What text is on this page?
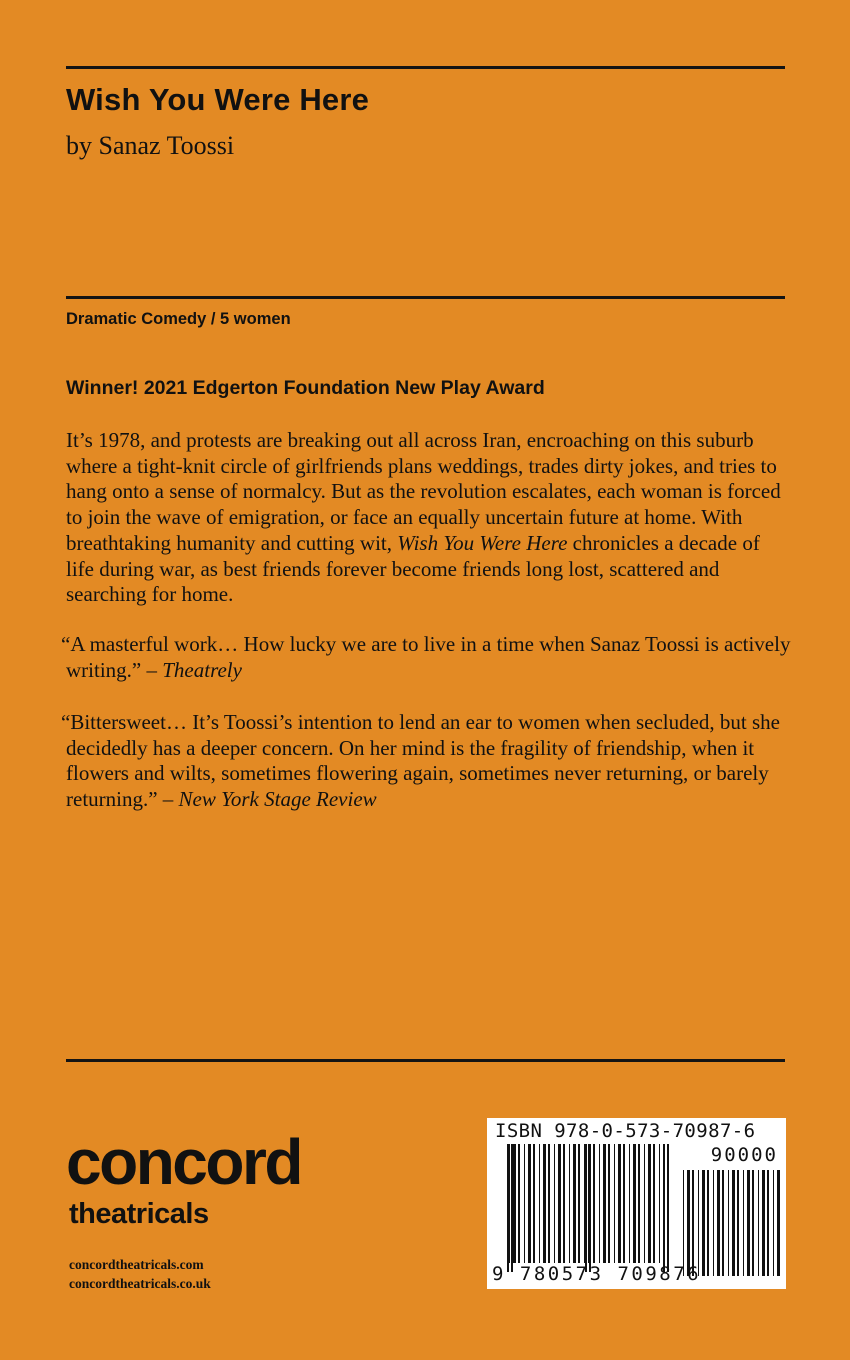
Wish You Were Here

by Sanaz Toossi

Dramatic Comedy / 5 women

Winner! 2021 Edgerton Foundation New Play Award

It’s 1978, and protests are breaking out all across Iran, encroaching on this suburb where a tight-knit circle of girlfriends plans weddings, trades dirty jokes, and tries to hang onto a sense of normalcy. But as the revolution escalates, each woman is forced to join the wave of emigration, or face an equally uncertain future at home. With breathtaking humanity and cutting wit, Wish You Were Here chronicles a decade of life during war, as best friends forever become friends long lost, scattered and searching for home.

“A masterful work… How lucky we are to live in a time when Sanaz Toossi is actively writing.” – Theatrely

“Bittersweet… It’s Toossi’s intention to lend an ear to women when secluded, but she decidedly has a deeper concern. On her mind is the fragility of friendship, when it flowers and wilts, sometimes flowering again, sometimes never returning, or barely returning.” – New York Stage Review

concord

theatricals

concordtheatricals.com

concordtheatricals.co.uk

ISBN 978-0-573-70987-6

90000

9 780573 709876
